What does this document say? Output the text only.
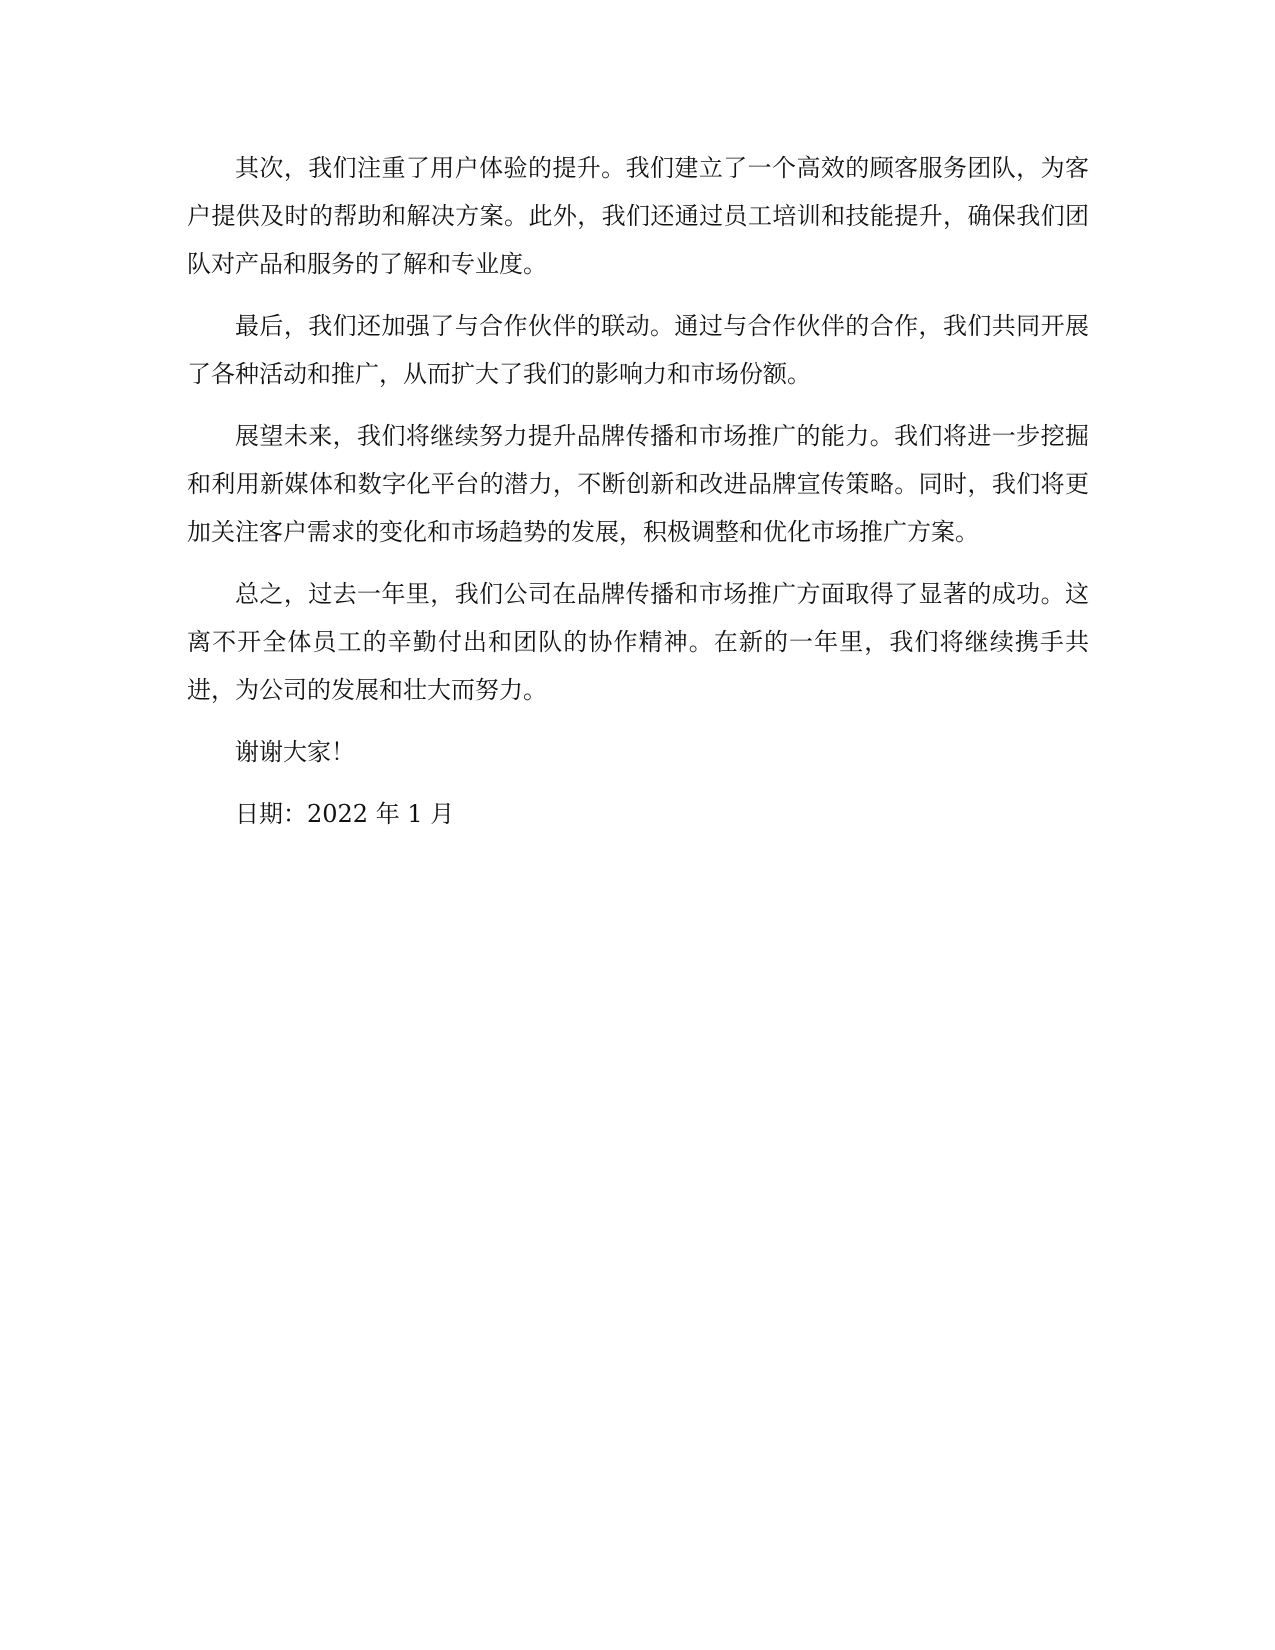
其次，我们注重了用户体验的提升。我们建立了一个高效的顾客服务团队，为客户提供及时的帮助和解决方案。此外，我们还通过员工培训和技能提升，确保我们团队对产品和服务的了解和专业度。

最后，我们还加强了与合作伙伴的联动。通过与合作伙伴的合作，我们共同开展了各种活动和推广，从而扩大了我们的影响力和市场份额。

展望未来，我们将继续努力提升品牌传播和市场推广的能力。我们将进一步挖掘和利用新媒体和数字化平台的潜力，不断创新和改进品牌宣传策略。同时，我们将更加关注客户需求的变化和市场趋势的发展，积极调整和优化市场推广方案。

总之，过去一年里，我们公司在品牌传播和市场推广方面取得了显著的成功。这离不开全体员工的辛勤付出和团队的协作精神。在新的一年里，我们将继续携手共进，为公司的发展和壮大而努力。

谢谢大家！

日期：2022 年 1 月
